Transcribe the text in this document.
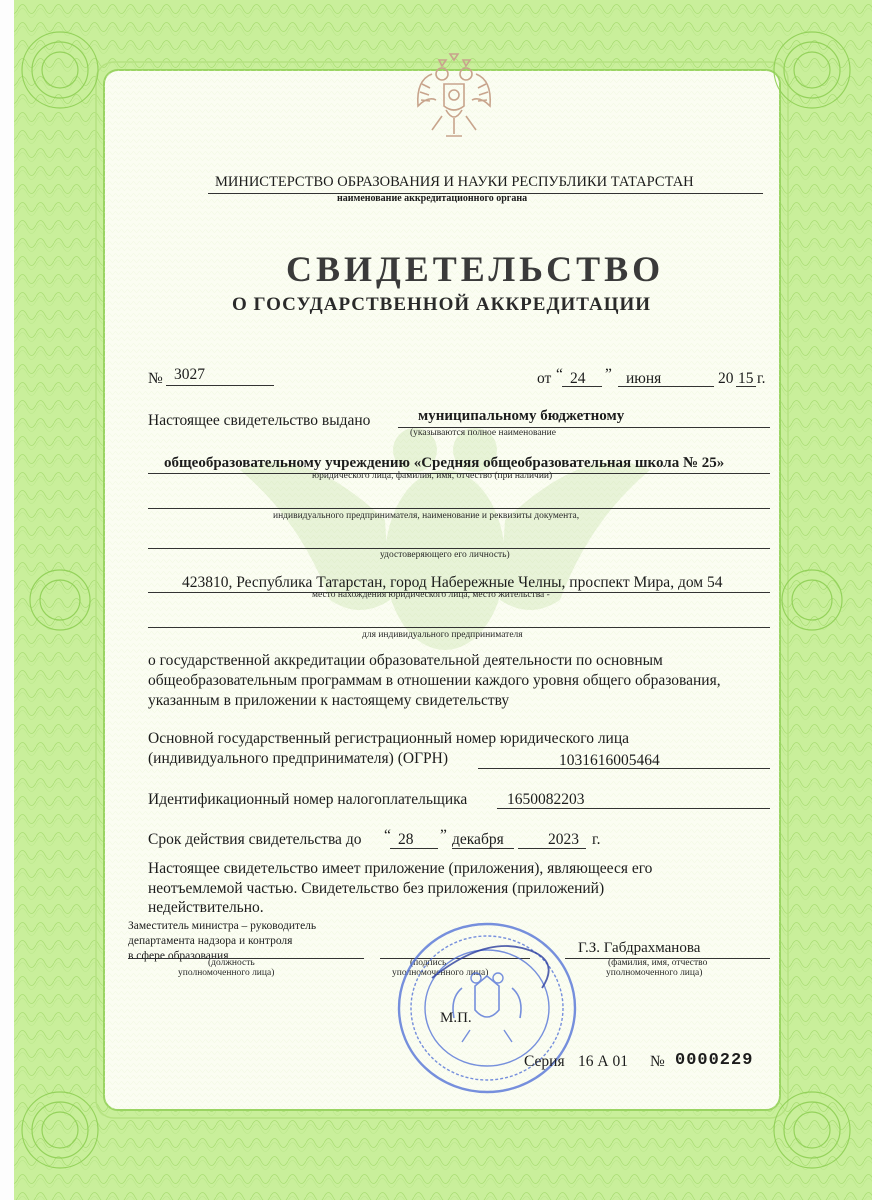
МИНИСТЕРСТВО ОБРАЗОВАНИЯ И НАУКИ РЕСПУБЛИКИ ТАТАРСТАН
наименование аккредитационного органа
СВИДЕТЕЛЬСТВО
О ГОСУДАРСТВЕННОЙ АККРЕДИТАЦИИ
№ 3027	от “ 24 ” июня	20 15 г.
Настоящее свидетельство выдано	муниципальному бюджетному
(указываются полное наименование
общеобразовательному учреждению «Средняя общеобразовательная школа № 25»
юридического лица, фамилия, имя, отчество (при наличии)
индивидуального предпринимателя, наименование и реквизиты документа,
удостоверяющего его личность)
423810, Республика Татарстан, город Набережные Челны, проспект Мира, дом 54
место нахождения юридического лица, место жительства -
для индивидуального предпринимателя
о государственной аккредитации образовательной деятельности по основным
общеобразовательным программам в отношении каждого уровня общего образования,
указанным в приложении к настоящему свидетельству
Основной государственный регистрационный номер юридического лица
(индивидуального предпринимателя) (ОГРН)	1031616005464
Идентификационный номер налогоплательщика	1650082203
Срок действия свидетельства до “ 28 ” декабря	2023 г.
Настоящее свидетельство имеет приложение (приложения), являющееся его
неотъемлемой частью. Свидетельство без приложения (приложений)
недействительно.
Заместитель министра – руководитель
департамента надзора и контроля
в сфере образования
(должность
уполномоченного лица)
(подпись
уполномоченного лица)
Г.З. Габдрахманова
(фамилия, имя, отчество
уполномоченного лица)
М.П.
Серия 16 А 01 № 0000229
